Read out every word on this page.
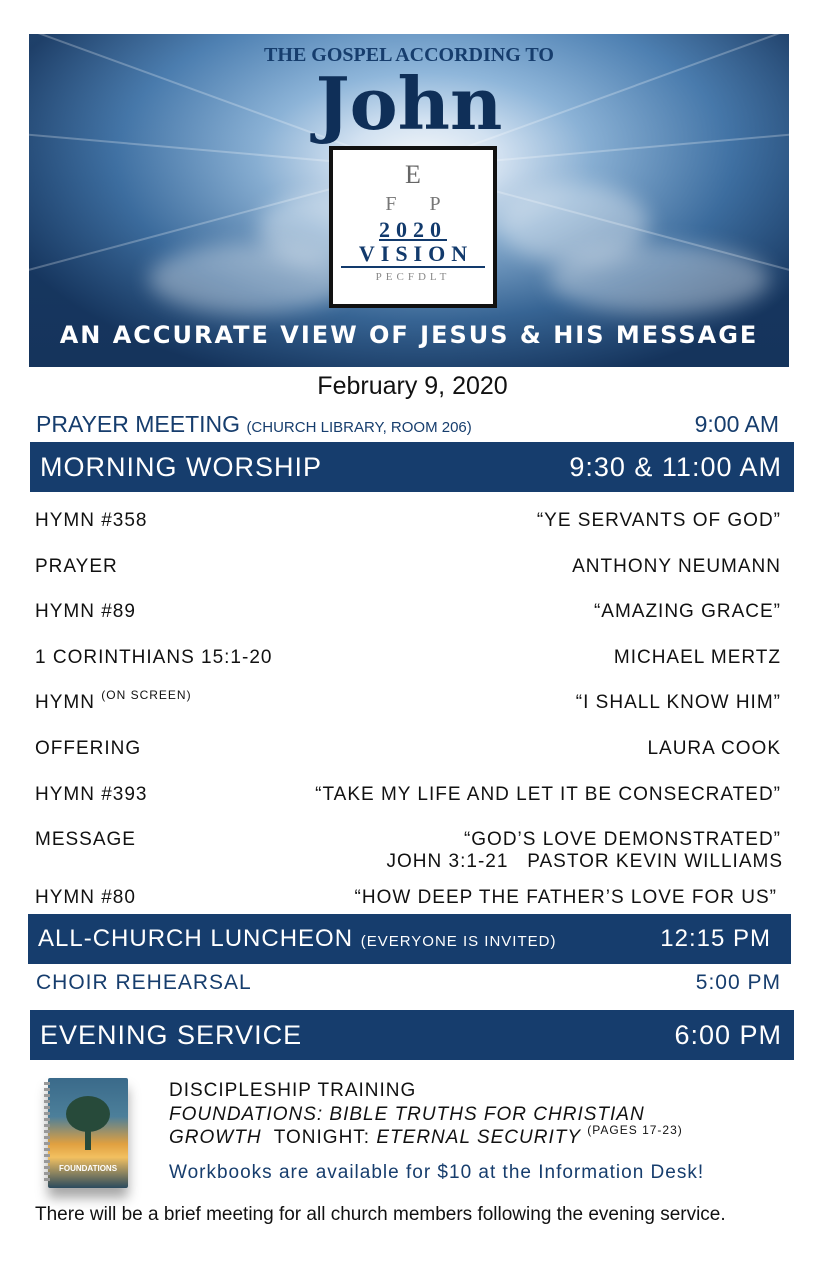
THE GOSPEL ACCORDING TO
John
E
F P
2020
VISION
PECFDLT
AN ACCURATE VIEW OF JESUS & HIS MESSAGE
February 9, 2020
PRAYER MEETING (CHURCH LIBRARY, ROOM 206)	9:00 AM
MORNING WORSHIP	9:30 & 11:00 AM
HYMN #358	“YE SERVANTS OF GOD”
PRAYER	ANTHONY NEUMANN
HYMN #89	“AMAZING GRACE”
1 CORINTHIANS 15:1-20	MICHAEL MERTZ
HYMN $^{(ON SCREEN)}$	“I SHALL KNOW HIM”
OFFERING	LAURA COOK
HYMN #393	“TAKE MY LIFE AND LET IT BE CONSECRATED”
MESSAGE	“GOD’S LOVE DEMONSTRATED”
JOHN 3:1-21   PASTOR KEVIN WILLIAMS
HYMN #80	“HOW DEEP THE FATHER’S LOVE FOR US”
ALL-CHURCH LUNCHEON (EVERYONE IS INVITED)	12:15 PM
CHOIR REHEARSAL	5:00 PM
EVENING SERVICE	6:00 PM
FOUNDATIONS
DISCIPLESHIP TRAINING
FOUNDATIONS: BIBLE TRUTHS FOR CHRISTIAN
GROWTH TONIGHT: ETERNAL SECURITY $^{(PAGES 17-23)}$
Workbooks are available for $10 at the Information Desk!
There will be a brief meeting for all church members following the evening service.
